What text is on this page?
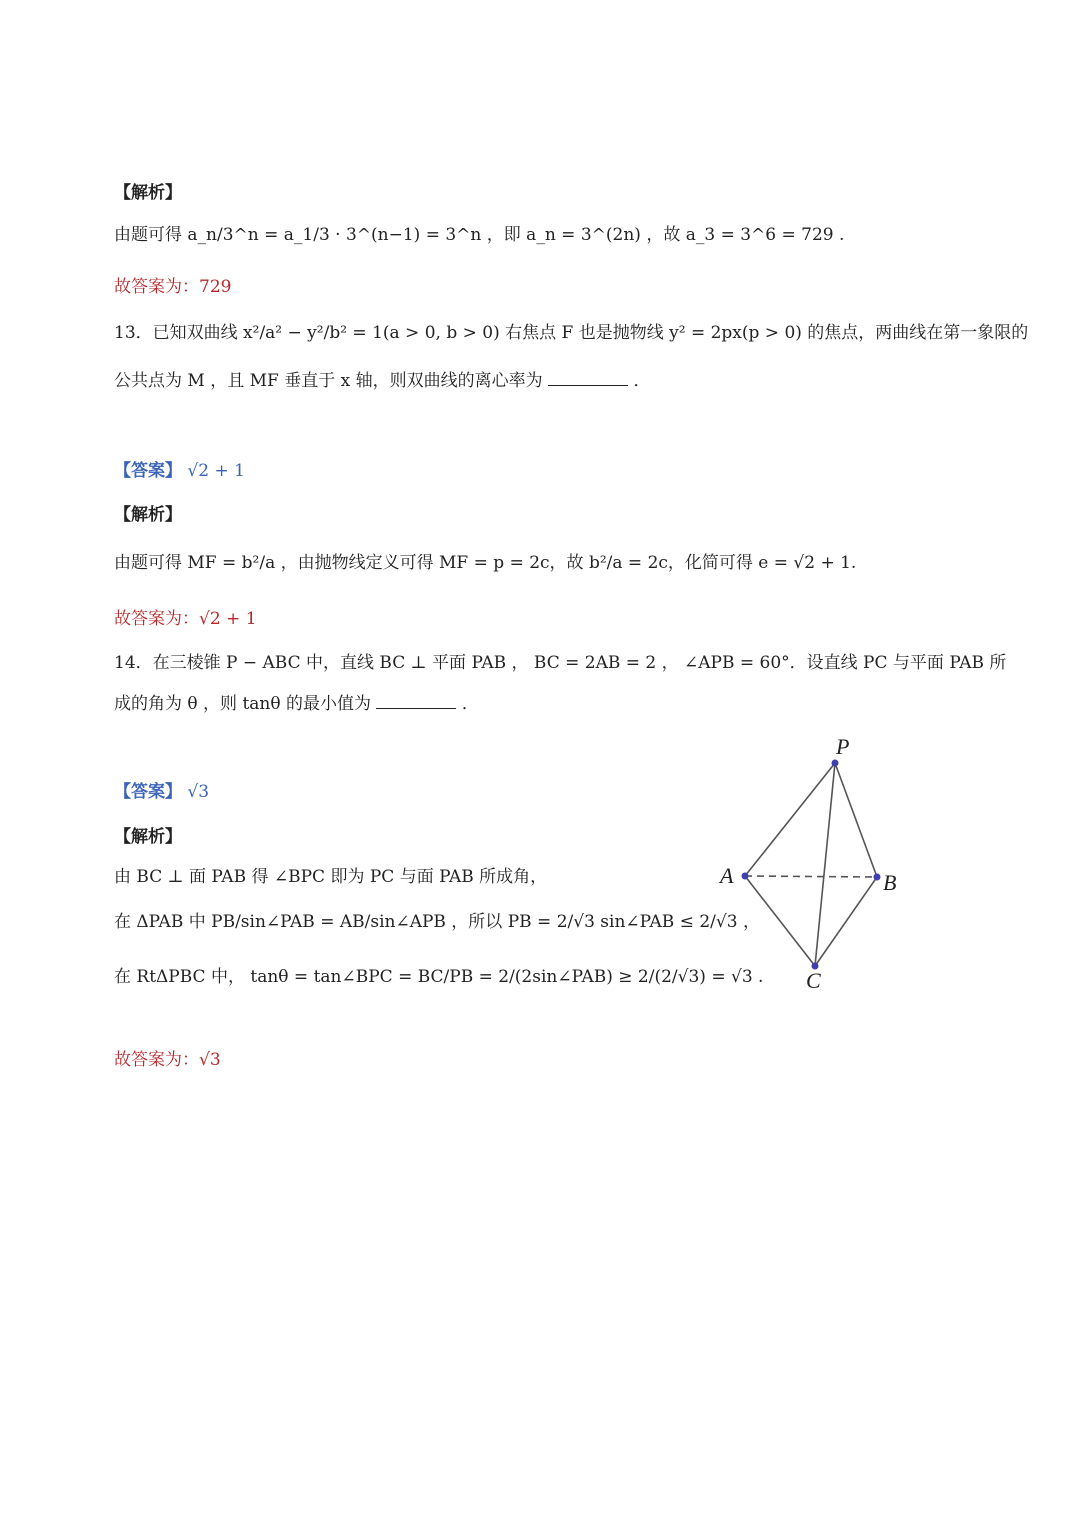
【解析】
由题可得 a_n/3^n = a_1/3 · 3^(n−1) = 3^n ，即 a_n = 3^(2n) ，故 a_3 = 3^6 = 729 .
故答案为：729
13．已知双曲线 x²/a² − y²/b² = 1(a > 0, b > 0) 右焦点 F 也是抛物线 y² = 2px(p > 0) 的焦点，两曲线在第一象限的
公共点为 M ，且 MF 垂直于 x 轴，则双曲线的离心率为	．
【答案】 √2 + 1
【解析】
由题可得 MF = b²/a ，由抛物线定义可得 MF = p = 2c，故 b²/a = 2c，化简可得 e = √2 + 1.
故答案为：√2 + 1
14．在三棱锥 P − ABC 中，直线 BC ⊥ 平面 PAB ， BC = 2AB = 2 ， ∠APB = 60°．设直线 PC 与平面 PAB 所
成的角为 θ ，则 tanθ 的最小值为	．
【答案】 √3
【解析】
由 BC ⊥ 面 PAB 得 ∠BPC 即为 PC 与面 PAB 所成角，
在 ΔPAB 中 PB/sin∠PAB = AB/sin∠APB ，所以 PB = 2/√3 sin∠PAB ≤ 2/√3 ，
在 RtΔPBC 中， tanθ = tan∠BPC = BC/PB = 2/(2sin∠PAB) ≥ 2/(2/√3) = √3 .
故答案为：√3
P
A	B
C
